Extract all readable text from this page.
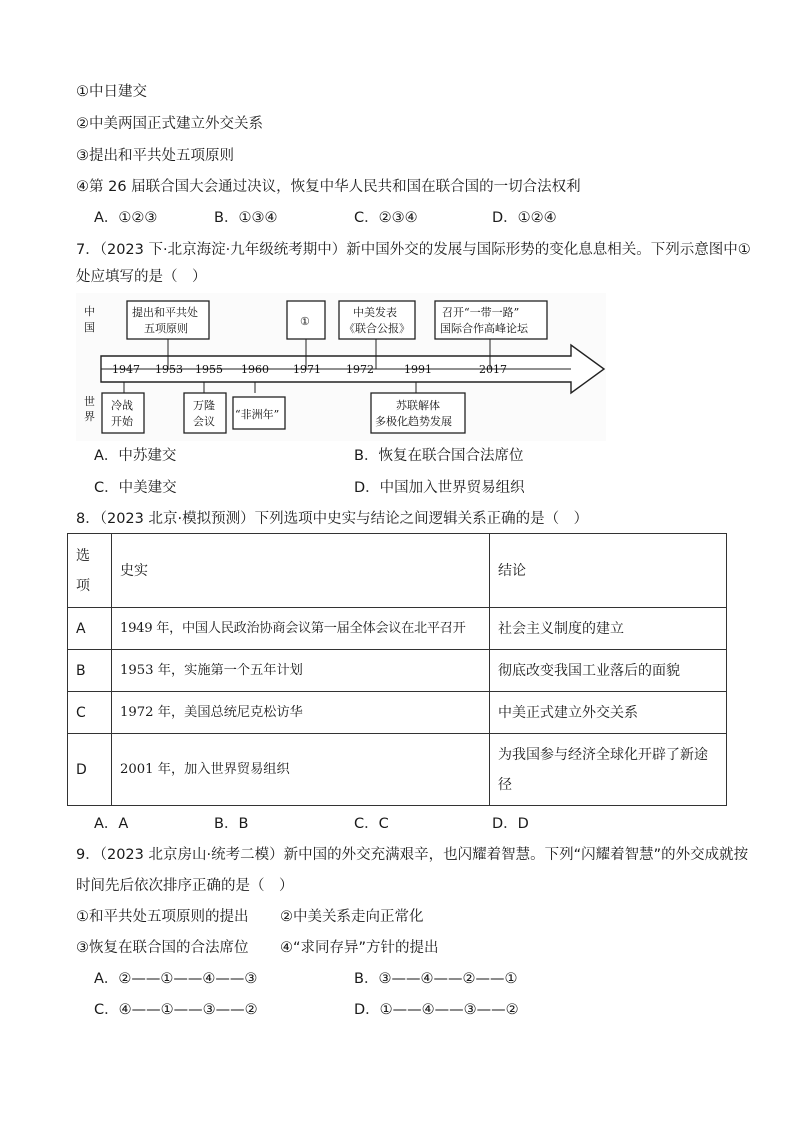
①中日建交
②中美两国正式建立外交关系
③提出和平共处五项原则
④第 26 届联合国大会通过决议，恢复中华人民共和国在联合国的一切合法权利
A．①②③	B．①③④	C．②③④	D．①②④
7．（2023 下·北京海淀·九年级统考期中）新中国外交的发展与国际形势的变化息息相关。下列示意图中①
处应填写的是（　）
中
国
世
界
提出和平共处
五项原则
①
中美发表
《联合公报》
召开“一带一路”
国际合作高峰论坛
1947 1953 1955 1960 1971 1972	1991	2017
冷战
开始
万隆
会议
“非洲年”
苏联解体
多极化趋势发展
A．中苏建交	B．恢复在联合国合法席位
C．中美建交	D．中国加入世界贸易组织
8．（2023 北京·模拟预测）下列选项中史实与结论之间逻辑关系正确的是（　）
选
项	史实	结论
A	1949 年，中国人民政治协商会议第一届全体会议在北平召开	社会主义制度的建立
B	1953 年，实施第一个五年计划	彻底改变我国工业落后的面貌
C	1972 年，美国总统尼克松访华	中美正式建立外交关系
D	2001 年，加入世界贸易组织	为我国参与经济全球化开辟了新途
径
A．A	B．B	C．C	D．D
9．（2023 北京房山·统考二模）新中国的外交充满艰辛，也闪耀着智慧。下列“闪耀着智慧”的外交成就按
时间先后依次排序正确的是（　）
①和平共处五项原则的提出 ②中美关系走向正常化
③恢复在联合国的合法席位 ④“求同存异”方针的提出
A．②——①——④——③	B．③——④——②——①
C．④——①——③——②	D．①——④——③——②
